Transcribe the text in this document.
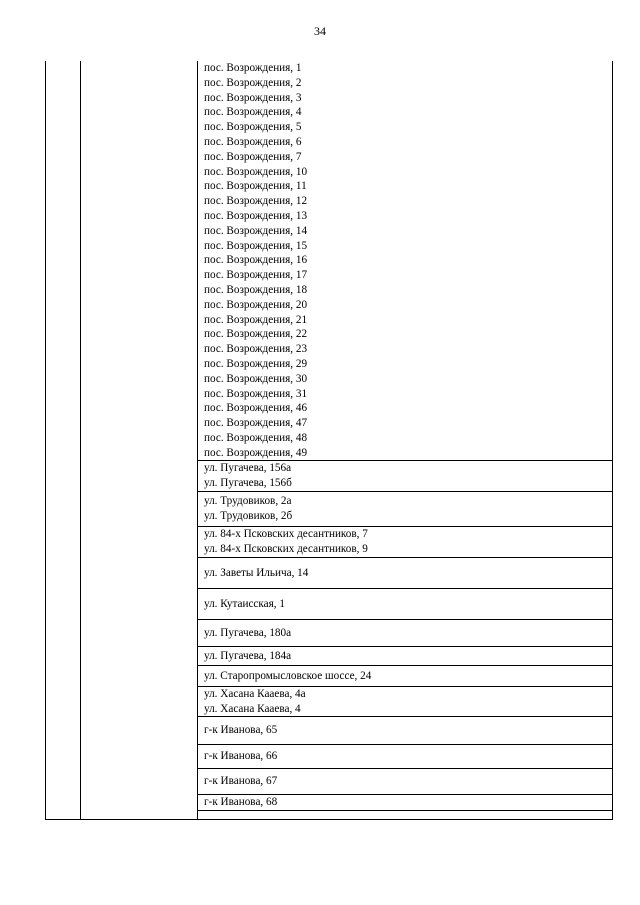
34
пос. Возрождения, 1
пос. Возрождения, 2
пос. Возрождения, 3
пос. Возрождения, 4
пос. Возрождения, 5
пос. Возрождения, 6
пос. Возрождения, 7
пос. Возрождения, 10
пос. Возрождения, 11
пос. Возрождения, 12
пос. Возрождения, 13
пос. Возрождения, 14
пос. Возрождения, 15
пос. Возрождения, 16
пос. Возрождения, 17
пос. Возрождения, 18
пос. Возрождения, 20
пос. Возрождения, 21
пос. Возрождения, 22
пос. Возрождения, 23
пос. Возрождения, 29
пос. Возрождения, 30
пос. Возрождения, 31
пос. Возрождения, 46
пос. Возрождения, 47
пос. Возрождения, 48
пос. Возрождения, 49
ул. Пугачева, 156а
ул. Пугачева, 156б
ул. Трудовиков, 2а
ул. Трудовиков, 2б
ул. 84-х Псковских десантников, 7
ул. 84-х Псковских десантников, 9
ул. Заветы Ильича, 14
ул. Кутаисская, 1
ул. Пугачева, 180а
ул. Пугачева, 184а
ул. Старопромысловское шоссе, 24
ул. Хасана Кааева, 4а
ул. Хасана Кааева, 4
г-к Иванова, 65
г-к Иванова, 66
г-к Иванова, 67
г-к Иванова, 68
